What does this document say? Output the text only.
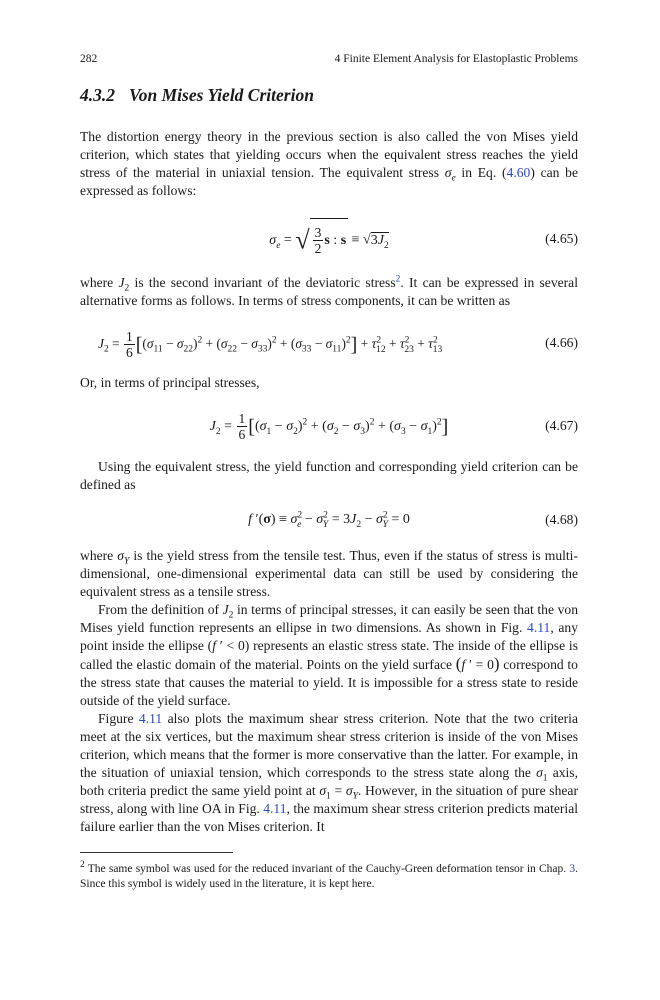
282	4 Finite Element Analysis for Elastoplastic Problems
4.3.2 Von Mises Yield Criterion

The distortion energy theory in the previous section is also called the von Mises yield criterion, which states that yielding occurs when the equivalent stress reaches the yield stress of the material in uniaxial tension. The equivalent stress $\sigma_e$ in Eq. (4.60) can be expressed as follows:

$\sigma_e$ = √ $\frac{3}{2}$ s : $s \equiv √3J_2$	(4.65)

where $J_2$ is the second invariant of the deviatoric stress$^2$. It can be expressed in several alternative forms as follows. In terms of stress components, it can be written as

$J_2 = \frac{1}{6} [(\sigma_{11} - \sigma_{22})^2 + (\sigma_{22} - \sigma_{33})^2 + (\sigma_{33} - \sigma_{11})^2] + \tau^2_{12} + \tau^2_{23} + \tau^2_{13}$	(4.66)

Or, in terms of principal stresses,

$J_2 = \frac{1}{6} [(\sigma_1 - \sigma_2)^2 + (\sigma_2 - \sigma_3)^2 + (\sigma_3 - \sigma_1)^2]$	(4.67)

Using the equivalent stress, the yield function and corresponding yield criterion can be defined as

f $'(\sigma) \equiv \sigma^2_e - \sigma^2_Y = 3J_2 - \sigma^2_Y = 0$	(4.68)

where $\sigma_Y$ is the yield stress from the tensile test. Thus, even if the status of stress is multi-dimensional, one-dimensional experimental data can still be used by considering the equivalent stress as a tensile stress.

From the definition of $J_2$ in terms of principal stresses, it can easily be seen that the von Mises yield function represents an ellipse in two dimensions. As shown in Fig. 4.11, any point inside the ellipse (f ′ < 0) represents an elastic stress state. The inside of the ellipse is called the elastic domain of the material. Points on the yield surface (f ′ = 0) correspond to the stress state that causes the material to yield. It is impossible for a stress state to reside outside of the yield surface.

Figure 4.11 also plots the maximum shear stress criterion. Note that the two criteria meet at the six vertices, but the maximum shear stress criterion is inside of the von Mises criterion, which means that the former is more conservative than the latter. For example, in the situation of uniaxial tension, which corresponds to the stress state along the $\sigma_1$ axis, both criteria predict the same yield point at $\sigma_1 = \sigma_Y$. However, in the situation of pure shear stress, along with line OA in Fig. 4.11, the maximum shear stress criterion predicts material failure earlier than the von Mises criterion. It

$^2$ The same symbol was used for the reduced invariant of the Cauchy-Green deformation tensor in Chap. 3. Since this symbol is widely used in the literature, it is kept here.
